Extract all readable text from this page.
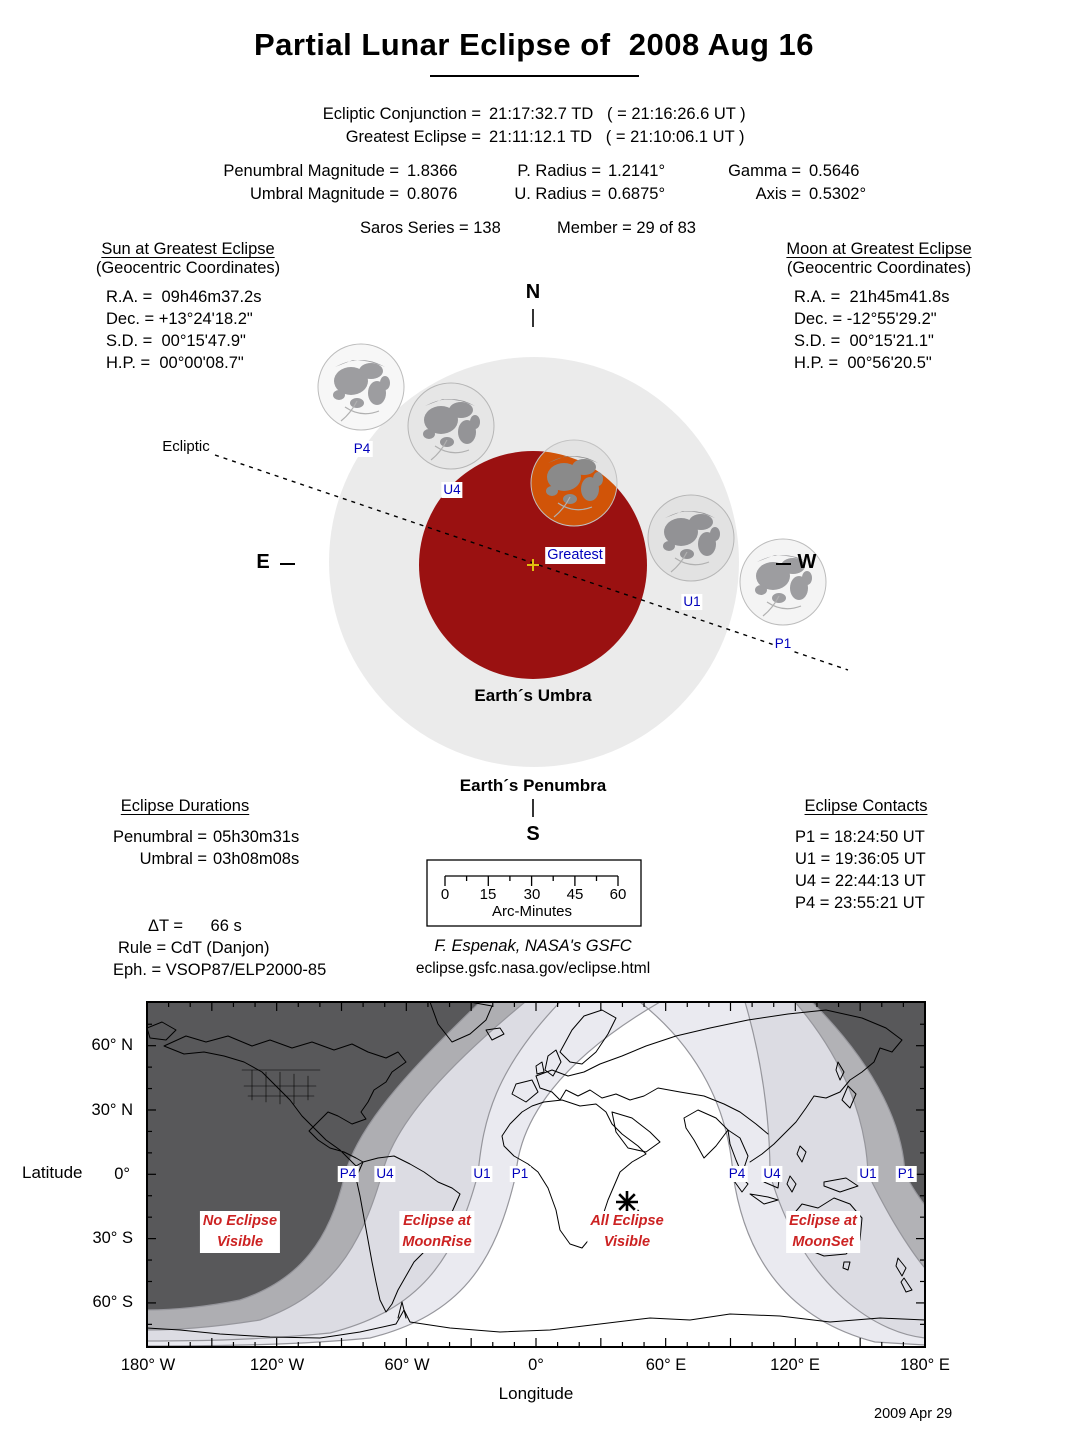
Partial Lunar Eclipse of  2008 Aug 16
Ecliptic Conjunction = 21:17:32.7 TD   ( = 21:16:26.6 UT )
Greatest Eclipse = 21:11:12.1 TD   ( = 21:10:06.1 UT )
Penumbral Magnitude = 1.8366
Umbral Magnitude = 0.8076
P. Radius = 1.2141°
U. Radius = 0.6875°
Gamma = 0.5646
Axis = 0.5302°
Saros Series = 138	Member = 29 of 83
Sun at Greatest Eclipse
(Geocentric Coordinates)
R.A. =  09h46m37.2s
Dec. = +13°24'18.2"
S.D. =  00°15'47.9"
H.P. =  00°00'08.7"
Moon at Greatest Eclipse
(Geocentric Coordinates)
R.A. =  21h45m41.8s
Dec. = -12°55'29.2"
S.D. =  00°15'21.1"
H.P. =  00°56'20.5"
N
S
E	W
Ecliptic	P4
U4
Greatest
U1
P1
Earth´s Umbra
Earth´s Penumbra
Eclipse Durations
Penumbral = 05h30m31s
Umbral = 03h08m08s
Eclipse Contacts
P1 = 18:24:50 UT
U1 = 19:36:05 UT
U4 = 22:44:13 UT
P4 = 23:55:21 UT
ΔT =      66 s
Rule = CdT (Danjon)
Eph. = VSOP87/ELP2000-85
0 15 30 45 60
Arc-Minutes
F. Espenak, NASA's GSFC
eclipse.gsfc.nasa.gov/eclipse.html
Latitude
60° N
30° N
0°
30° S
60° S
180° W	120° W	60° W	0°	60° E	120° E	180° E
Longitude
2009 Apr 29
No Eclipse
Visible
Eclipse at
MoonRise
All Eclipse
Visible
Eclipse at
MoonSet
P4 U4	U1 P1	P4 U4	U1 P1
